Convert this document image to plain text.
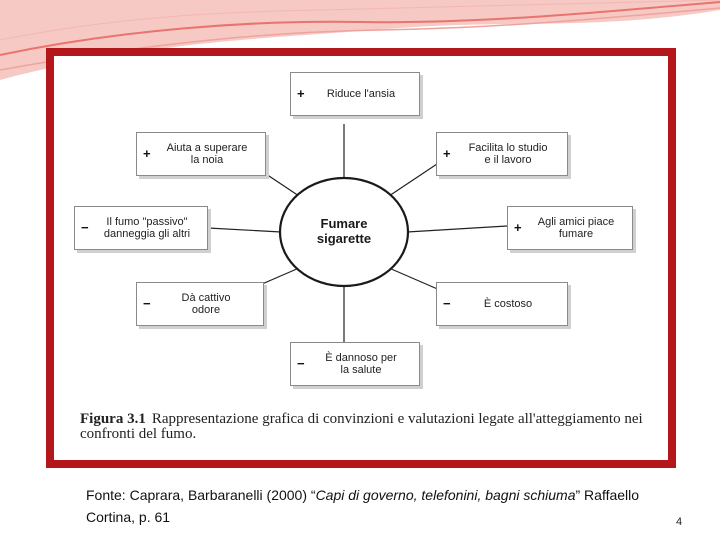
Fumare
sigarette
+	Riduce l'ansia
+	Facilita lo studio
e il lavoro
+	Agli amici piace
fumare
−	È costoso
−	È dannoso per
la salute
−	Dà cattivo
odore
−	Il fumo "passivo"
danneggia gli altri
+	Aiuta a superare
la noia
Figura 3.1 Rappresentazione grafica di convinzioni e valutazioni legate all'atteggiamento nei confronti del fumo.
Fonte: Caprara, Barbaranelli (2000) “Capi di governo, telefonini, bagni schiuma” Raffaello Cortina, p. 61	4
